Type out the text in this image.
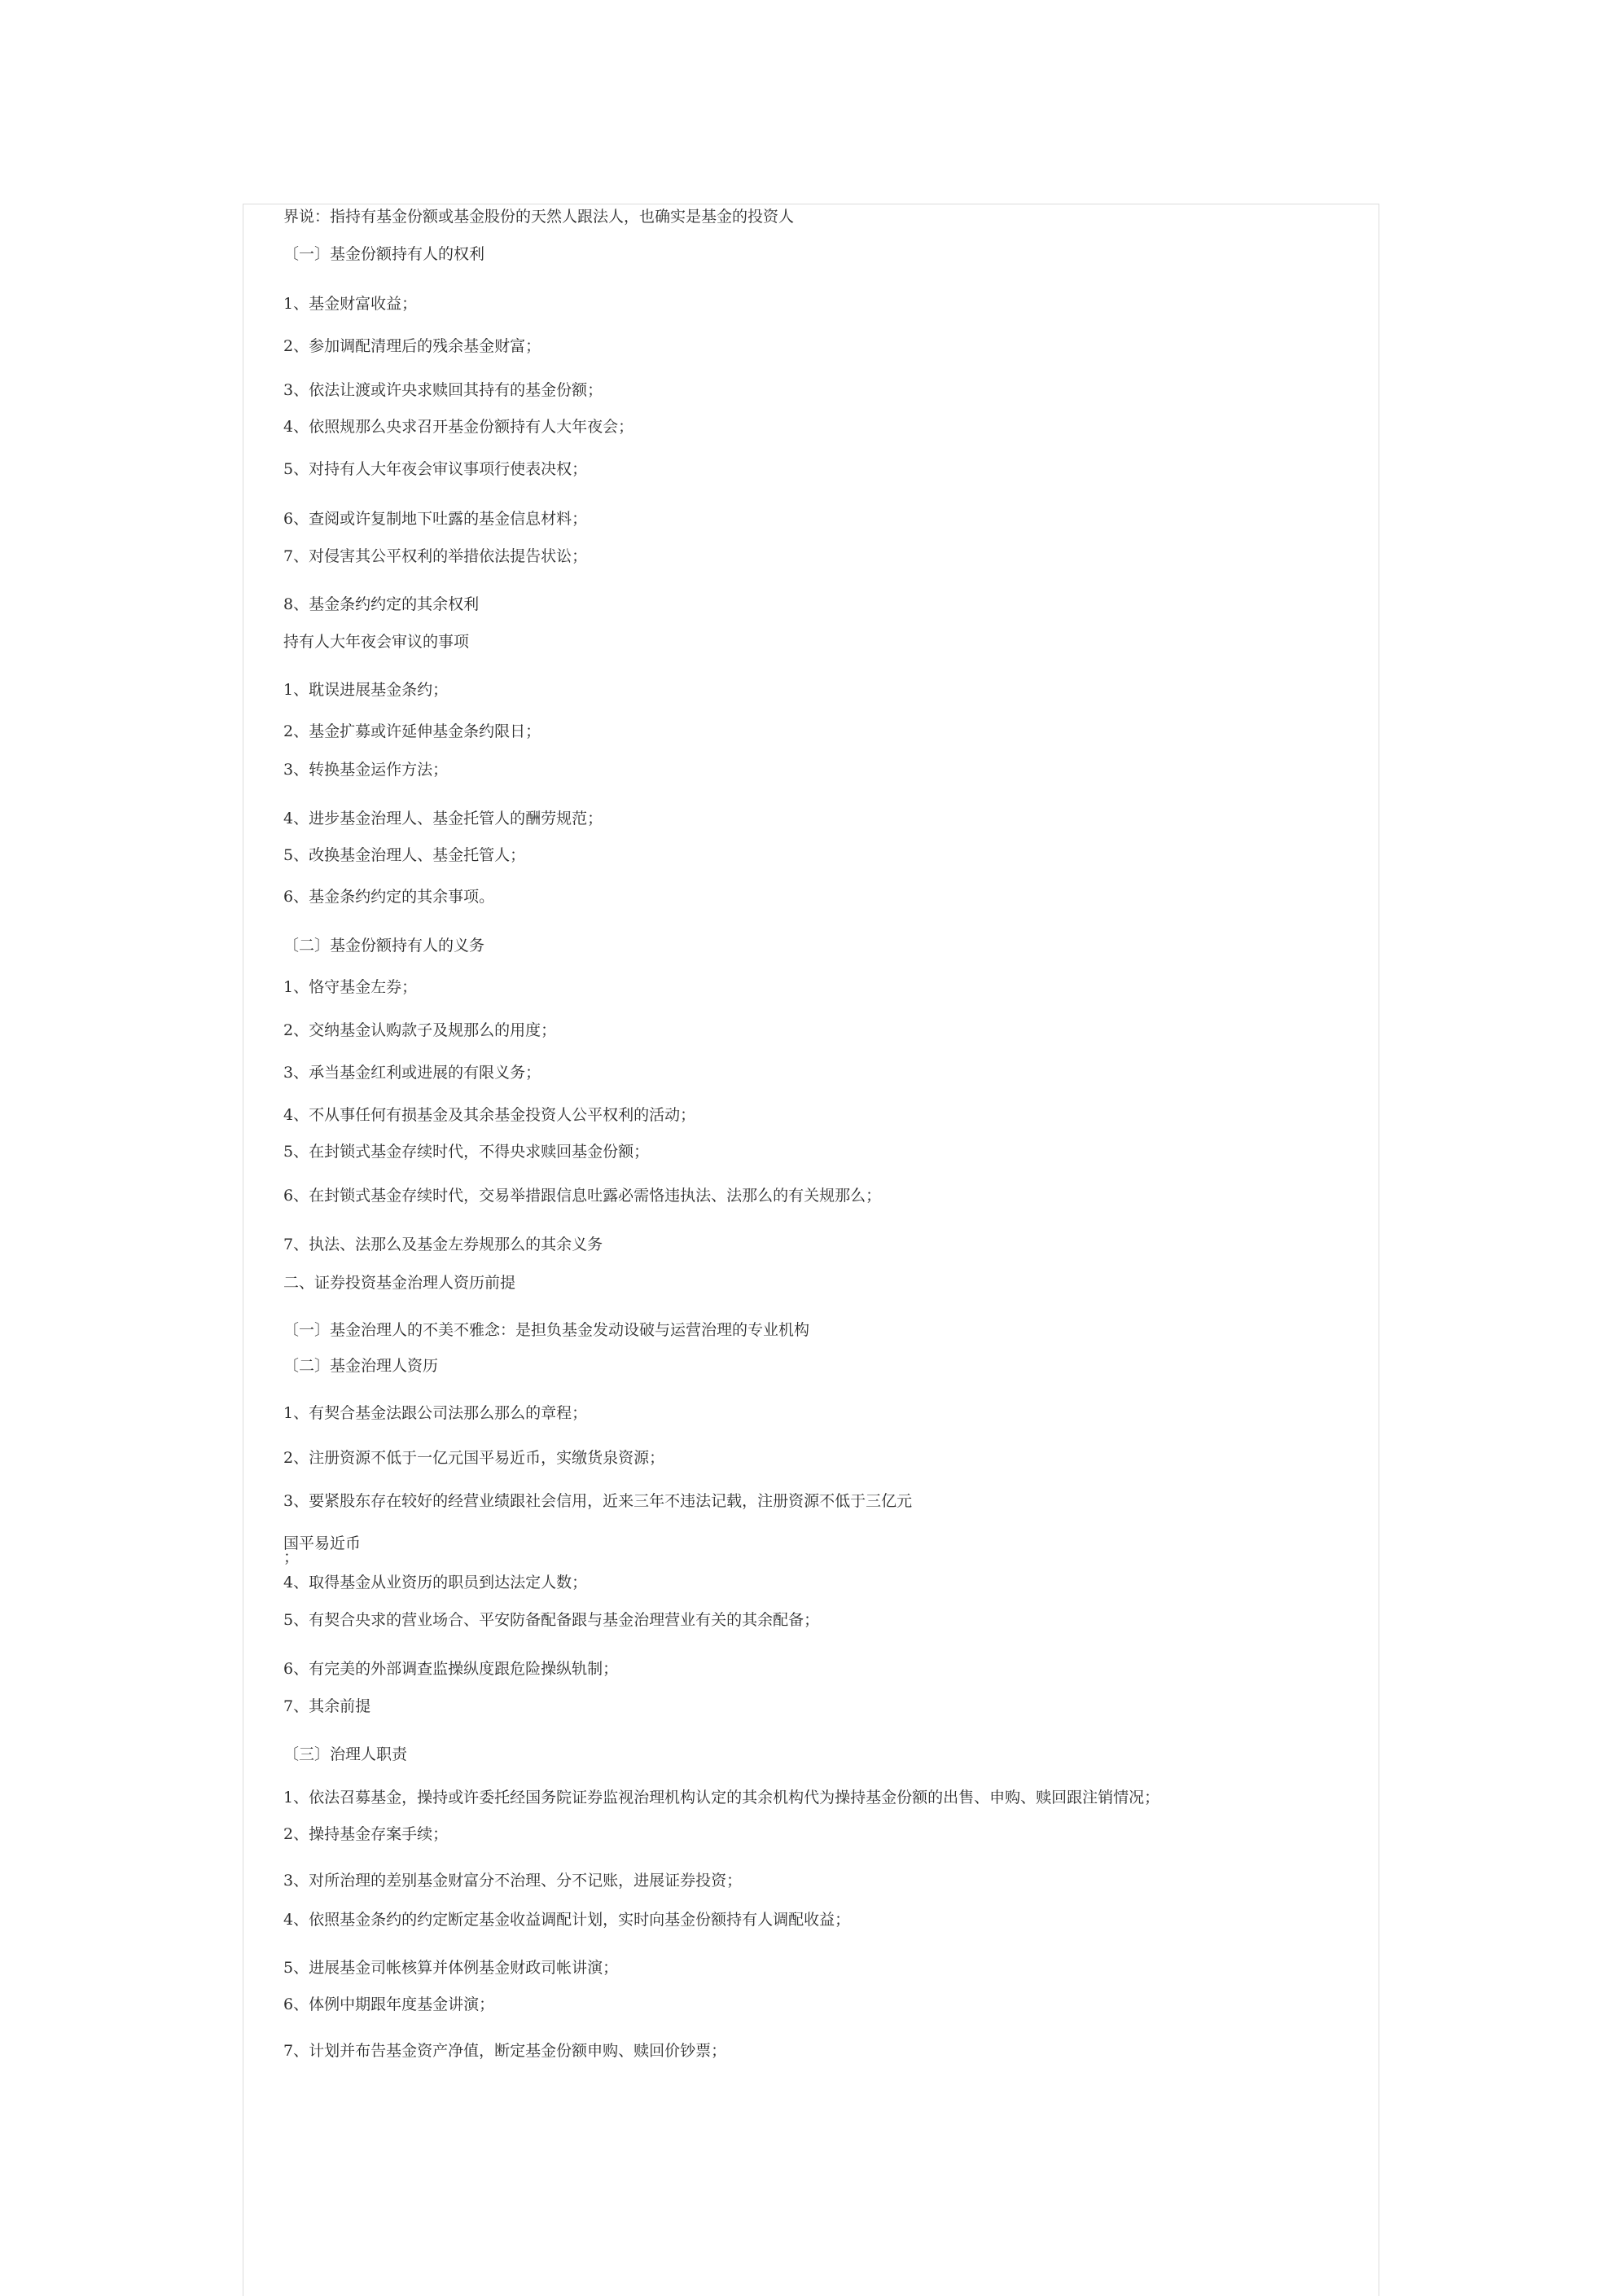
界说：指持有基金份额或基金股份的天然人跟法人，也确实是基金的投资人
〔一〕基金份额持有人的权利
1、基金财富收益；
2、参加调配清理后的残余基金财富；
3、依法让渡或许央求赎回其持有的基金份额；
4、依照规那么央求召开基金份额持有人大年夜会；
5、对持有人大年夜会审议事项行使表决权；
6、查阅或许复制地下吐露的基金信息材料；
7、对侵害其公平权利的举措依法提告状讼；
8、基金条约约定的其余权利
持有人大年夜会审议的事项
1、耽误进展基金条约；
2、基金扩募或许延伸基金条约限日；
3、转换基金运作方法；
4、进步基金治理人、基金托管人的酬劳规范；
5、改换基金治理人、基金托管人；
6、基金条约约定的其余事项。
〔二〕基金份额持有人的义务
1、恪守基金左券；
2、交纳基金认购款子及规那么的用度；
3、承当基金红利或进展的有限义务；
4、不从事任何有损基金及其余基金投资人公平权利的活动；
5、在封锁式基金存续时代，不得央求赎回基金份额；
6、在封锁式基金存续时代，交易举措跟信息吐露必需恪违执法、法那么的有关规那么；
7、执法、法那么及基金左券规那么的其余义务
二、证券投资基金治理人资历前提
〔一〕基金治理人的不美不雅念：是担负基金发动设破与运营治理的专业机构
〔二〕基金治理人资历
1、有契合基金法跟公司法那么那么的章程；
2、注册资源不低于一亿元国平易近币，实缴货泉资源；
3、要紧股东存在较好的经营业绩跟社会信用，近来三年不违法记载，注册资源不低于三亿元
国平易近币
；
4、取得基金从业资历的职员到达法定人数；
5、有契合央求的营业场合、平安防备配备跟与基金治理营业有关的其余配备；
6、有完美的外部调查监操纵度跟危险操纵轨制；
7、其余前提
〔三〕治理人职责
1、依法召募基金，操持或许委托经国务院证券监视治理机构认定的其余机构代为操持基金份额的出售、申购、赎回跟注销情况；
2、操持基金存案手续；
3、对所治理的差别基金财富分不治理、分不记账，进展证券投资；
4、依照基金条约的约定断定基金收益调配计划，实时向基金份额持有人调配收益；
5、进展基金司帐核算并体例基金财政司帐讲演；
6、体例中期跟年度基金讲演；
7、计划并布告基金资产净值，断定基金份额申购、赎回价钞票；
